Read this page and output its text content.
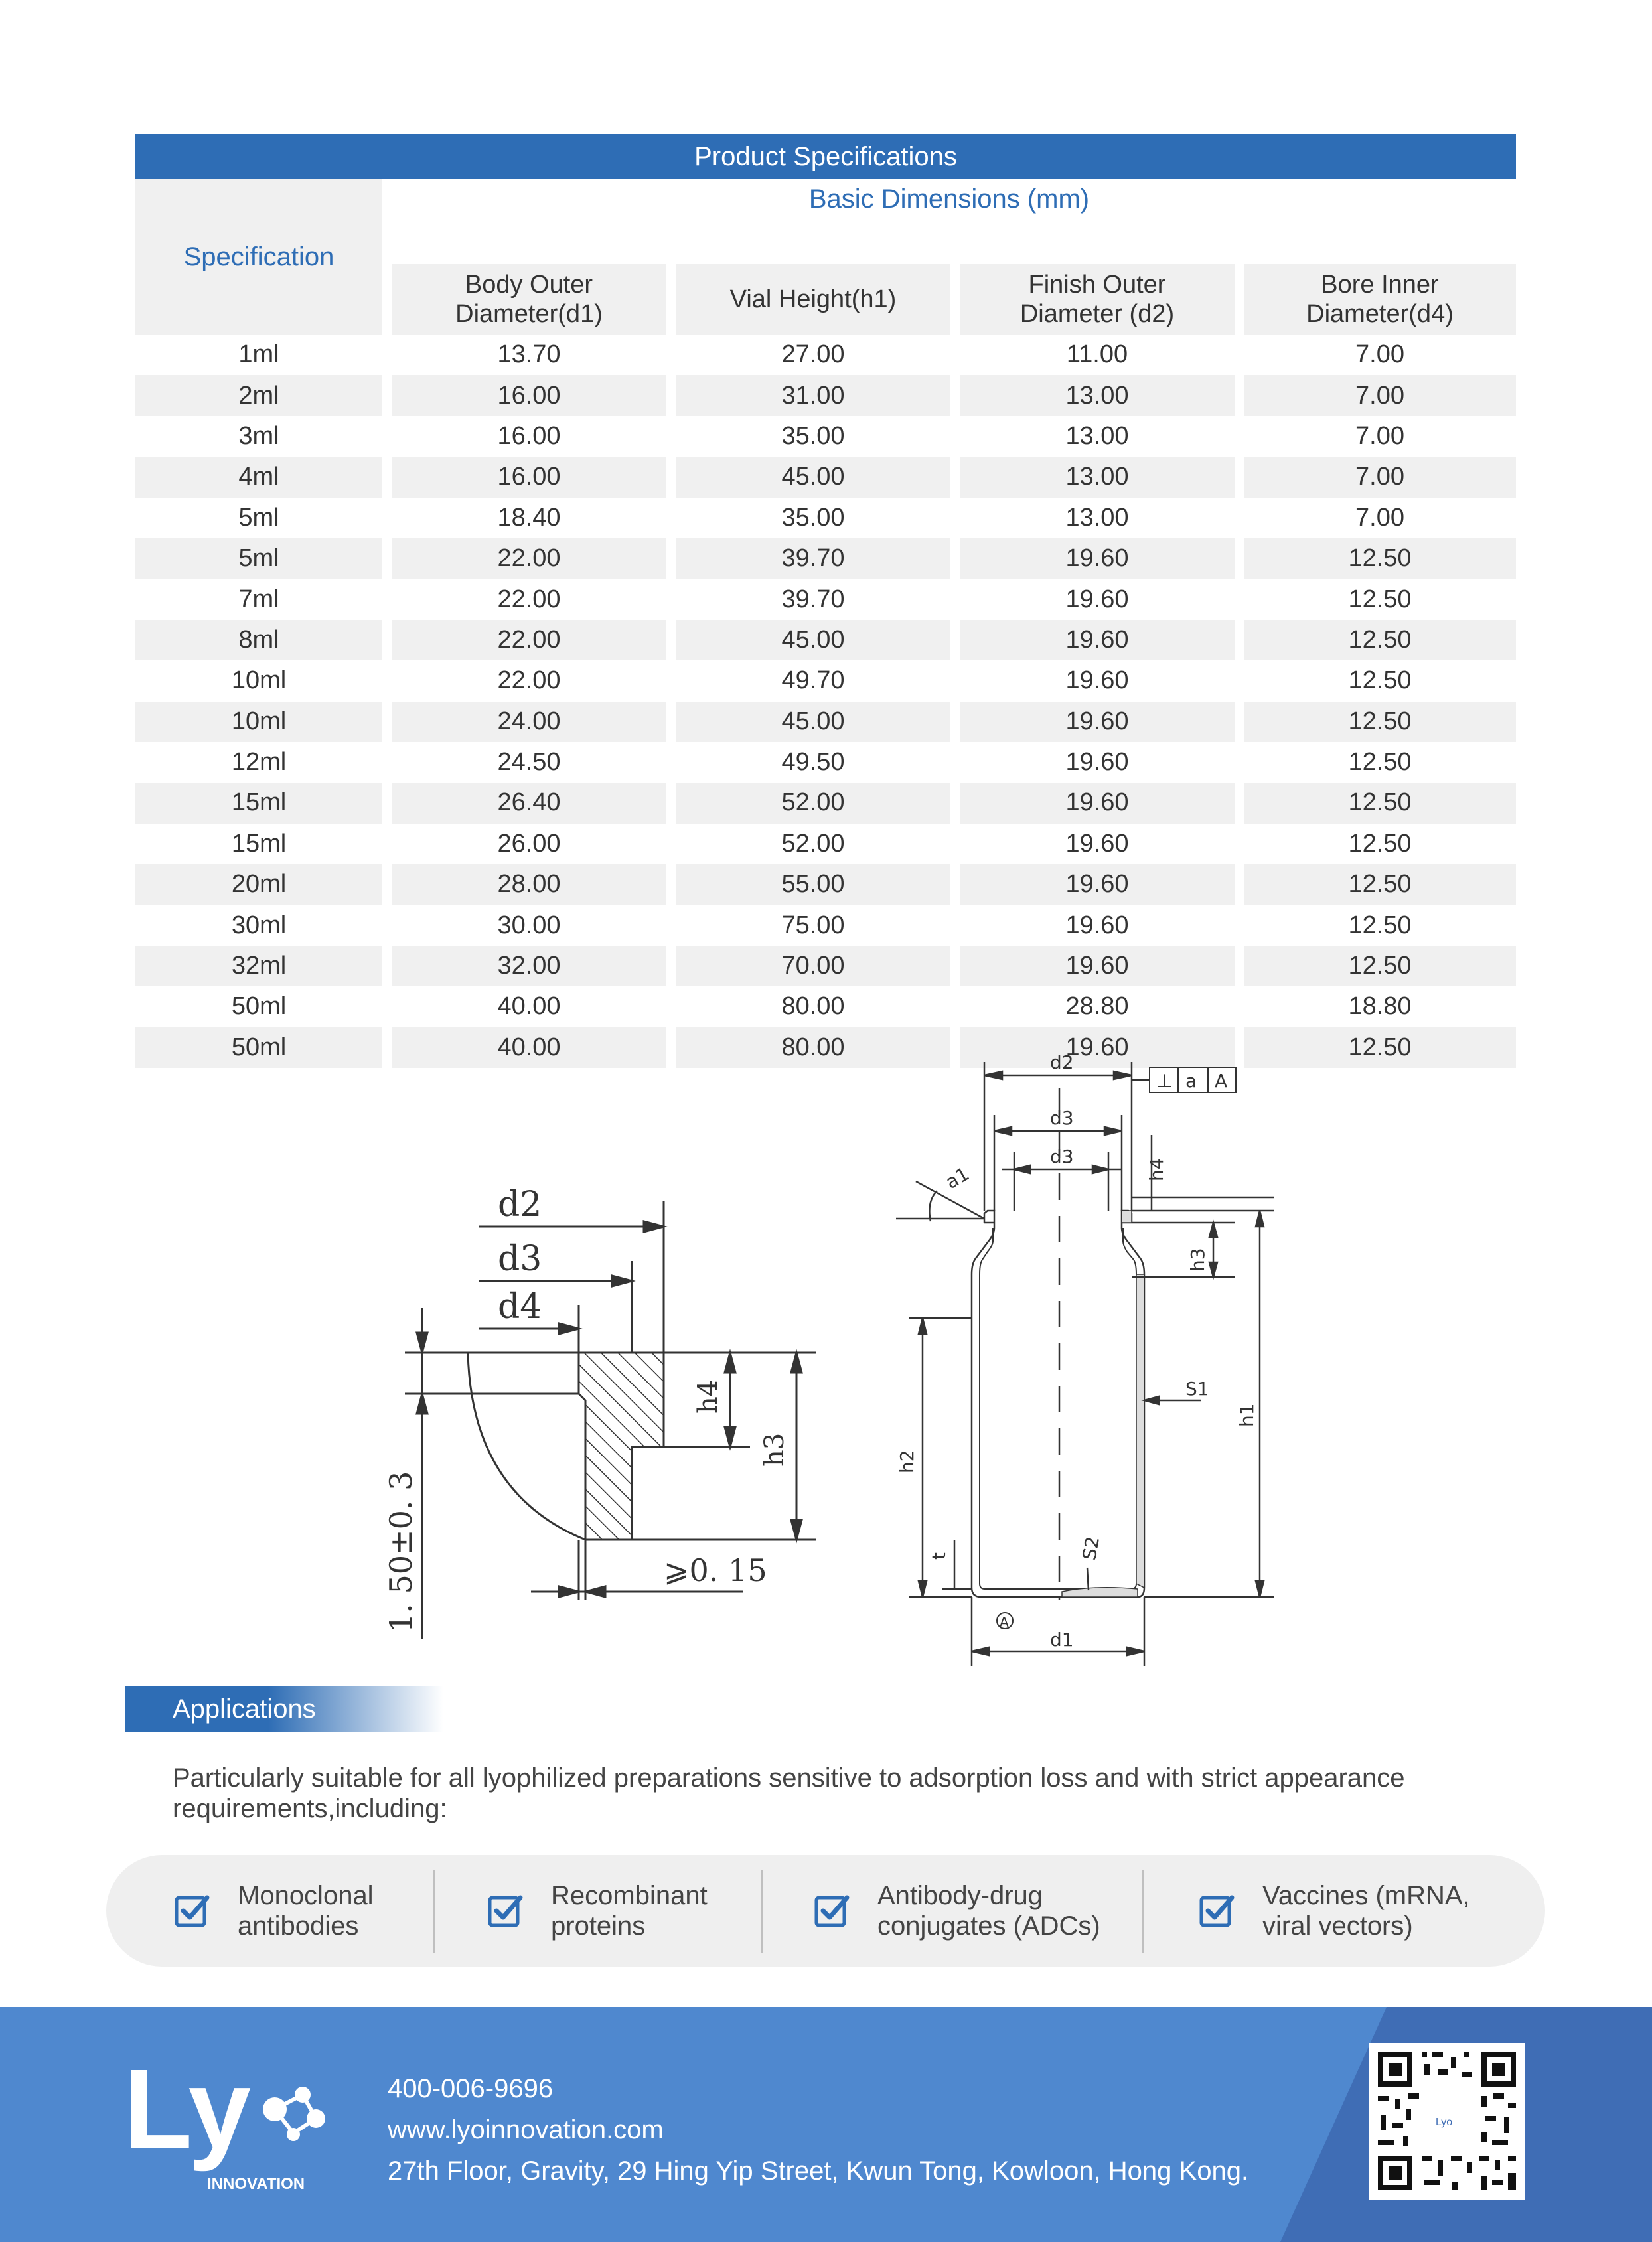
Product Specifications
Specification
Basic Dimensions (mm)
Body Outer
Diameter(d1)
Vial Height(h1)
Finish Outer
Diameter (d2)
Bore Inner
Diameter(d4)
1ml	13.70	27.00	11.00	7.00
2ml	16.00	31.00	13.00	7.00
3ml	16.00	35.00	13.00	7.00
4ml	16.00	45.00	13.00	7.00
5ml	18.40	35.00	13.00	7.00
5ml	22.00	39.70	19.60	12.50
7ml	22.00	39.70	19.60	12.50
8ml	22.00	45.00	19.60	12.50
10ml	22.00	49.70	19.60	12.50
10ml	24.00	45.00	19.60	12.50
12ml	24.50	49.50	19.60	12.50
15ml	26.40	52.00	19.60	12.50
15ml	26.00	52.00	19.60	12.50
20ml	28.00	55.00	19.60	12.50
30ml	30.00	75.00	19.60	12.50
32ml	32.00	70.00	19.60	12.50
50ml	40.00	80.00	28.80	18.80
50ml	40.00	80.00	19.60	12.50
d2
d3
d4
h4
h3
1. 50±0. 3	⩾0. 15
d2
d3
d3
h4
h3
h1
h2
t
S1
S2
d1
a1
A
⊥ a A
Applications
Particularly suitable for all lyophilized preparations sensitive to adsorption loss and with strict appearance requirements,including:
Monoclonal
antibodies
Recombinant
proteins
Antibody-drug
conjugates (ADCs)
Vaccines (mRNA,
viral vectors)
Ly
INNOVATION
400-006-9696
www.lyoinnovation.com
27th Floor, Gravity, 29 Hing Yip Street, Kwun Tong, Kowloon, Hong Kong.
Lyo
